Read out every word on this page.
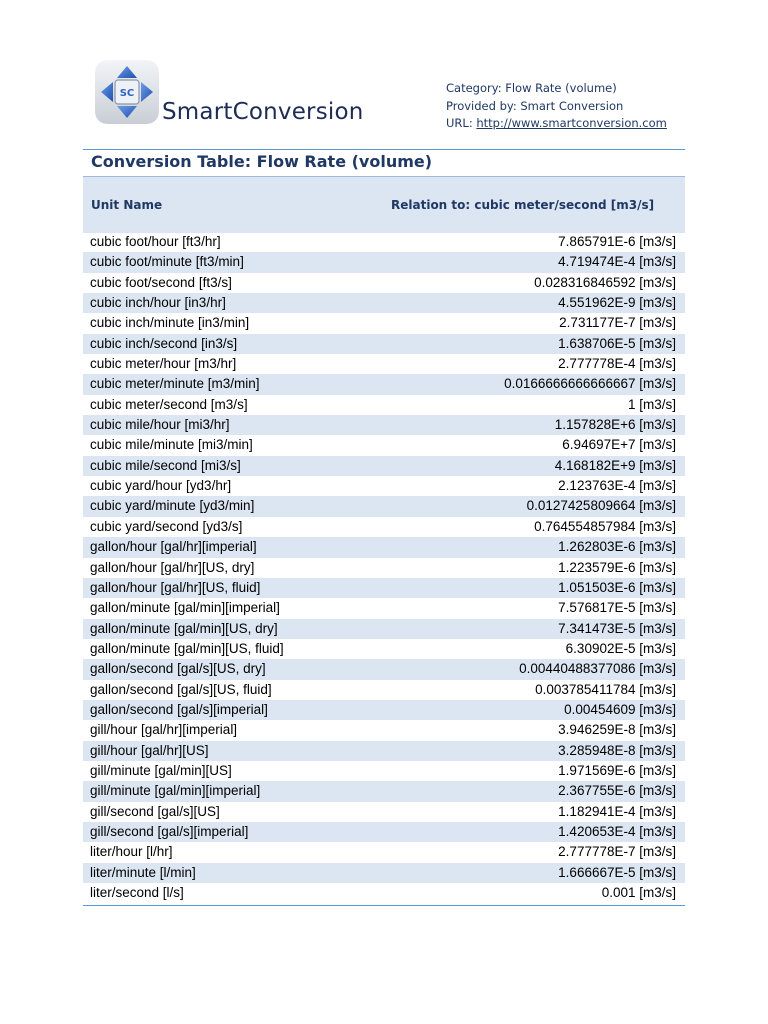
SC
SmartConversion
Category: Flow Rate (volume)
Provided by: Smart Conversion
URL: http://www.smartconversion.com
Conversion Table: Flow Rate (volume)
Unit Name	Relation to: cubic meter/second [m3/s]
cubic foot/hour [ft3/hr]	7.865791E-6 [m3/s]
cubic foot/minute [ft3/min]	4.719474E-4 [m3/s]
cubic foot/second [ft3/s]	0.028316846592 [m3/s]
cubic inch/hour [in3/hr]	4.551962E-9 [m3/s]
cubic inch/minute [in3/min]	2.731177E-7 [m3/s]
cubic inch/second [in3/s]	1.638706E-5 [m3/s]
cubic meter/hour [m3/hr]	2.777778E-4 [m3/s]
cubic meter/minute [m3/min]	0.0166666666666667 [m3/s]
cubic meter/second [m3/s]	1 [m3/s]
cubic mile/hour [mi3/hr]	1.157828E+6 [m3/s]
cubic mile/minute [mi3/min]	6.94697E+7 [m3/s]
cubic mile/second [mi3/s]	4.168182E+9 [m3/s]
cubic yard/hour [yd3/hr]	2.123763E-4 [m3/s]
cubic yard/minute [yd3/min]	0.0127425809664 [m3/s]
cubic yard/second [yd3/s]	0.764554857984 [m3/s]
gallon/hour [gal/hr][imperial]	1.262803E-6 [m3/s]
gallon/hour [gal/hr][US, dry]	1.223579E-6 [m3/s]
gallon/hour [gal/hr][US, fluid]	1.051503E-6 [m3/s]
gallon/minute [gal/min][imperial]	7.576817E-5 [m3/s]
gallon/minute [gal/min][US, dry]	7.341473E-5 [m3/s]
gallon/minute [gal/min][US, fluid]	6.30902E-5 [m3/s]
gallon/second [gal/s][US, dry]	0.00440488377086 [m3/s]
gallon/second [gal/s][US, fluid]	0.003785411784 [m3/s]
gallon/second [gal/s][imperial]	0.00454609 [m3/s]
gill/hour [gal/hr][imperial]	3.946259E-8 [m3/s]
gill/hour [gal/hr][US]	3.285948E-8 [m3/s]
gill/minute [gal/min][US]	1.971569E-6 [m3/s]
gill/minute [gal/min][imperial]	2.367755E-6 [m3/s]
gill/second [gal/s][US]	1.182941E-4 [m3/s]
gill/second [gal/s][imperial]	1.420653E-4 [m3/s]
liter/hour [l/hr]	2.777778E-7 [m3/s]
liter/minute [l/min]	1.666667E-5 [m3/s]
liter/second [l/s]	0.001 [m3/s]
